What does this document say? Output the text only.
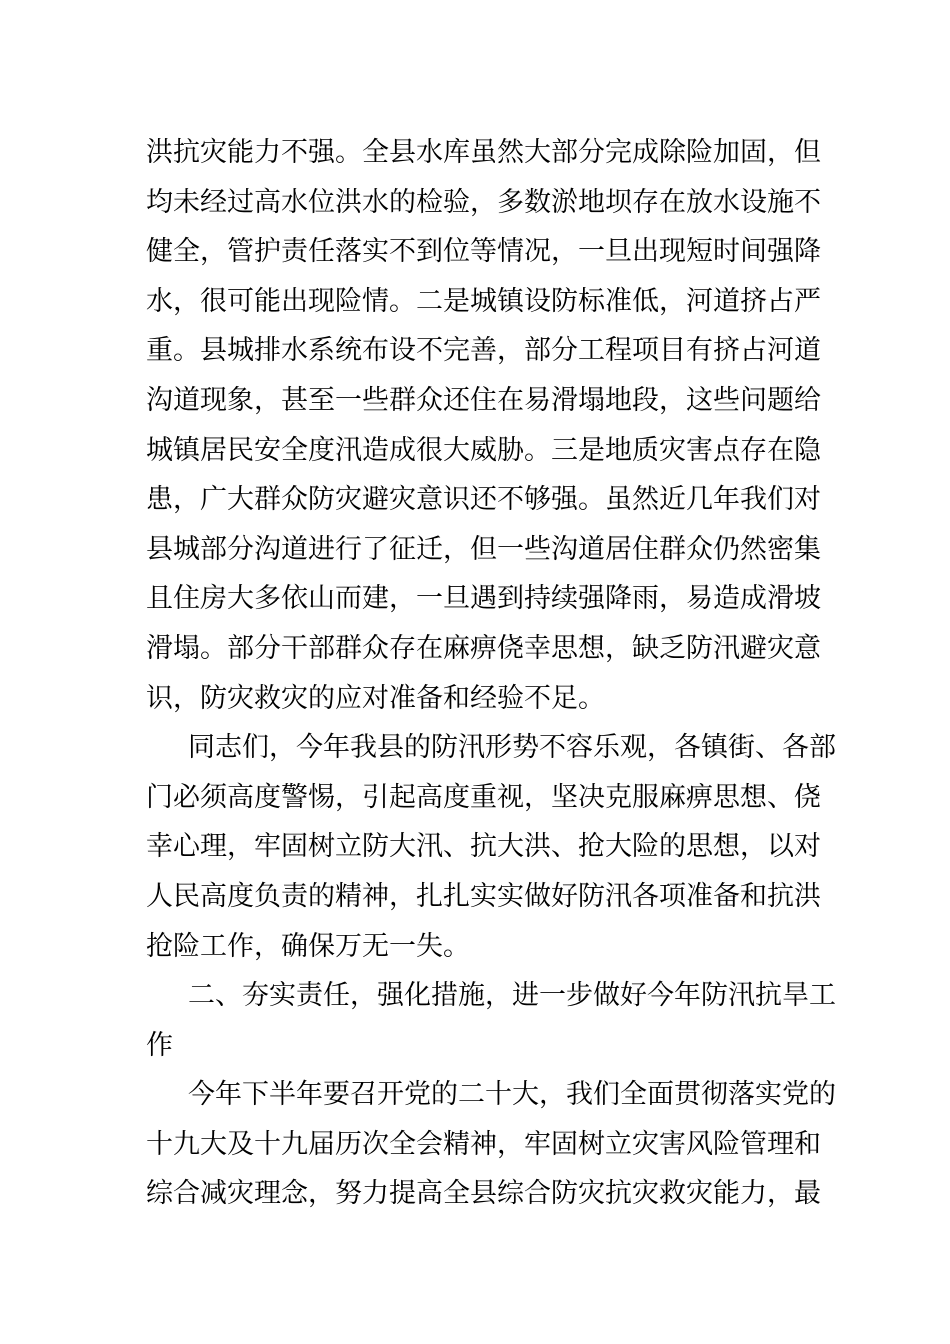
洪抗灾能力不强。全县水库虽然大部分完成除险加固，但
均未经过高水位洪水的检验，多数淤地坝存在放水设施不
健全，管护责任落实不到位等情况，一旦出现短时间强降
水，很可能出现险情。二是城镇设防标准低，河道挤占严
重。县城排水系统布设不完善，部分工程项目有挤占河道
沟道现象，甚至一些群众还住在易滑塌地段，这些问题给
城镇居民安全度汛造成很大威胁。三是地质灾害点存在隐
患，广大群众防灾避灾意识还不够强。虽然近几年我们对
县城部分沟道进行了征迁，但一些沟道居住群众仍然密集
且住房大多依山而建，一旦遇到持续强降雨，易造成滑坡
滑塌。部分干部群众存在麻痹侥幸思想，缺乏防汛避灾意
识，防灾救灾的应对准备和经验不足。
同志们，今年我县的防汛形势不容乐观，各镇街、各部
门必须高度警惕，引起高度重视，坚决克服麻痹思想、侥
幸心理，牢固树立防大汛、抗大洪、抢大险的思想，以对
人民高度负责的精神，扎扎实实做好防汛各项准备和抗洪
抢险工作，确保万无一失。
二、夯实责任，强化措施，进一步做好今年防汛抗旱工
作
今年下半年要召开党的二十大，我们全面贯彻落实党的
十九大及十九届历次全会精神，牢固树立灾害风险管理和
综合减灾理念，努力提高全县综合防灾抗灾救灾能力，最
